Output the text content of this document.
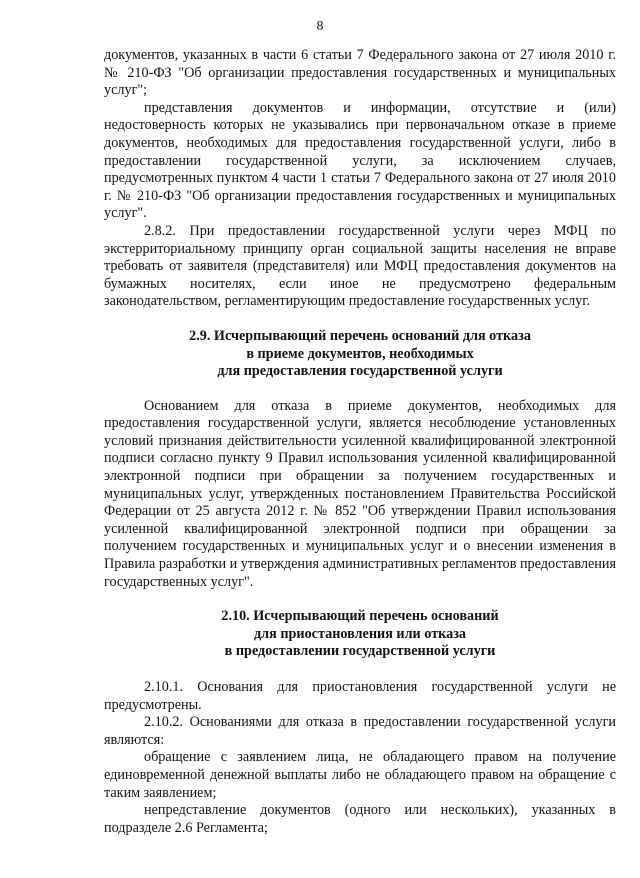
8

документов, указанных в части 6 статьи 7 Федерального закона от 27 июля 2010 г. № 210-ФЗ "Об организации предоставления государственных и муниципальных услуг";

представления документов и информации, отсутствие и (или) недостоверность которых не указывались при первоначальном отказе в приеме документов, необходимых для предоставления государственной услуги, либо в предоставлении государственной услуги, за исключением случаев, предусмотренных пунктом 4 части 1 статьи 7 Федерального закона от 27 июля 2010 г. № 210-ФЗ "Об организации предоставления государственных и муниципальных услуг".

2.8.2. При предоставлении государственной услуги через МФЦ по экстерриториальному принципу орган социальной защиты населения не вправе требовать от заявителя (представителя) или МФЦ предоставления документов на бумажных носителях, если иное не предусмотрено федеральным законодательством, регламентирующим предоставление государственных услуг.

2.9. Исчерпывающий перечень оснований для отказа
в приеме документов, необходимых
для предоставления государственной услуги

Основанием для отказа в приеме документов, необходимых для предоставления государственной услуги, является несоблюдение установленных условий признания действительности усиленной квалифицированной электронной подписи согласно пункту 9 Правил использования усиленной квалифицированной электронной подписи при обращении за получением государственных и муниципальных услуг, утвержденных постановлением Правительства Российской Федерации от 25 августа 2012 г. № 852 "Об утверждении Правил использования усиленной квалифицированной электронной подписи при обращении за получением государственных и муниципальных услуг и о внесении изменения в Правила разработки и утверждения административных регламентов предоставления государственных услуг".

2.10. Исчерпывающий перечень оснований
для приостановления или отказа
в предоставлении государственной услуги

2.10.1. Основания для приостановления государственной услуги не предусмотрены.

2.10.2. Основаниями для отказа в предоставлении государственной услуги являются:

обращение с заявлением лица, не обладающего правом на получение единовременной денежной выплаты либо не обладающего правом на обращение с таким заявлением;

непредставление документов (одного или нескольких), указанных в подразделе 2.6 Регламента;
